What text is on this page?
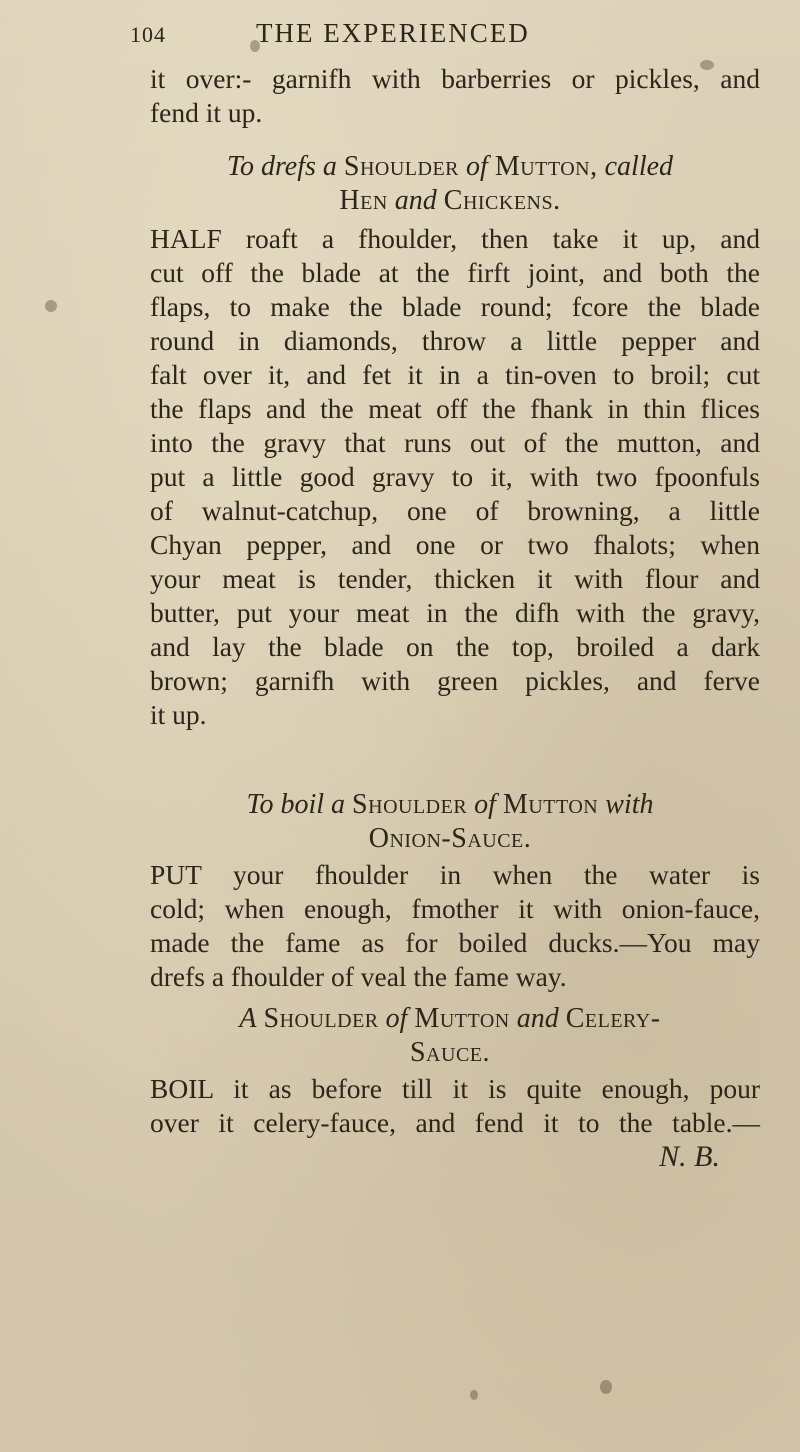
104	THE EXPERIENCED
it over:- garnifh with barberries or pickles, and
fend it up.
To drefs a Shoulder of Mutton, called
Hen and Chickens.
HALF roaft a fhoulder, then take it up, and
cut off the blade at the firft joint, and both the
flaps, to make the blade round; fcore the blade
round in diamonds, throw a little pepper and
falt over it, and fet it in a tin-oven to broil; cut
the flaps and the meat off the fhank in thin flices
into the gravy that runs out of the mutton, and
put a little good gravy to it, with two fpoonfuls
of walnut-catchup, one of browning, a little
Chyan pepper, and one or two fhalots; when
your meat is tender, thicken it with flour and
butter, put your meat in the difh with the gravy,
and lay the blade on the top, broiled a dark
brown; garnifh with green pickles, and ferve
it up.
To boil a Shoulder of Mutton with
Onion-Sauce.
PUT your fhoulder in when the water is
cold; when enough, fmother it with onion-fauce,
made the fame as for boiled ducks.—You may
drefs a fhoulder of veal the fame way.
A Shoulder of Mutton and Celery-
Sauce.
BOIL it as before till it is quite enough, pour
over it celery-fauce, and fend it to the table.—
N. B.
